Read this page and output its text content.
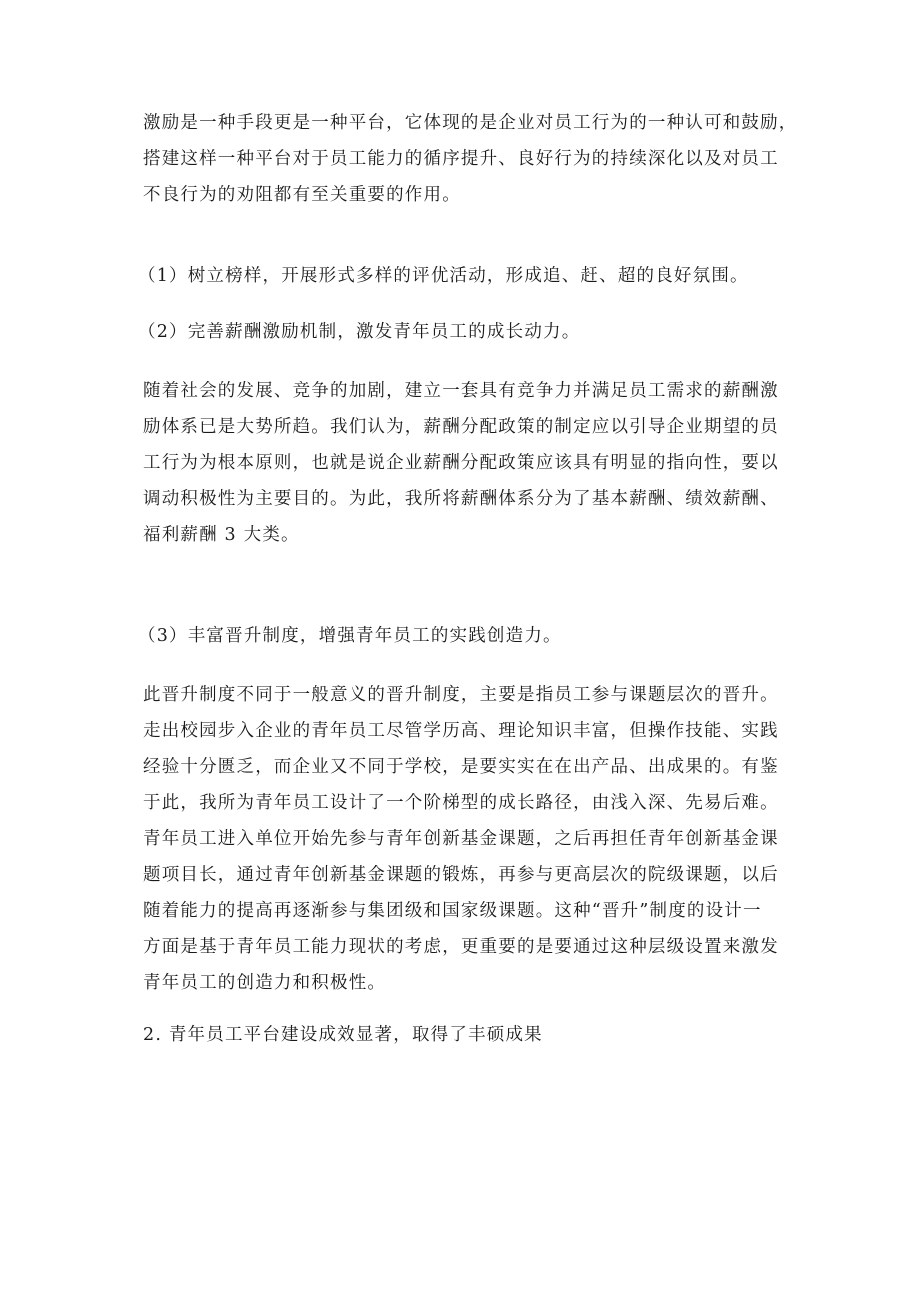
激励是一种手段更是一种平台，它体现的是企业对员工行为的一种认可和鼓励，
搭建这样一种平台对于员工能力的循序提升、良好行为的持续深化以及对员工
不良行为的劝阻都有至关重要的作用。
（1）树立榜样，开展形式多样的评优活动，形成追、赶、超的良好氛围。
（2）完善薪酬激励机制，激发青年员工的成长动力。
随着社会的发展、竞争的加剧，建立一套具有竞争力并满足员工需求的薪酬激
励体系已是大势所趋。我们认为，薪酬分配政策的制定应以引导企业期望的员
工行为为根本原则，也就是说企业薪酬分配政策应该具有明显的指向性，要以
调动积极性为主要目的。为此，我所将薪酬体系分为了基本薪酬、绩效薪酬、
福利薪酬 3 大类。
（3）丰富晋升制度，增强青年员工的实践创造力。
此晋升制度不同于一般意义的晋升制度，主要是指员工参与课题层次的晋升。
走出校园步入企业的青年员工尽管学历高、理论知识丰富，但操作技能、实践
经验十分匮乏，而企业又不同于学校，是要实实在在出产品、出成果的。有鉴
于此，我所为青年员工设计了一个阶梯型的成长路径，由浅入深、先易后难。
青年员工进入单位开始先参与青年创新基金课题，之后再担任青年创新基金课
题项目长，通过青年创新基金课题的锻炼，再参与更高层次的院级课题，以后
随着能力的提高再逐渐参与集团级和国家级课题。这种“晋升”制度的设计一
方面是基于青年员工能力现状的考虑，更重要的是要通过这种层级设置来激发
青年员工的创造力和积极性。
2. 青年员工平台建设成效显著，取得了丰硕成果
